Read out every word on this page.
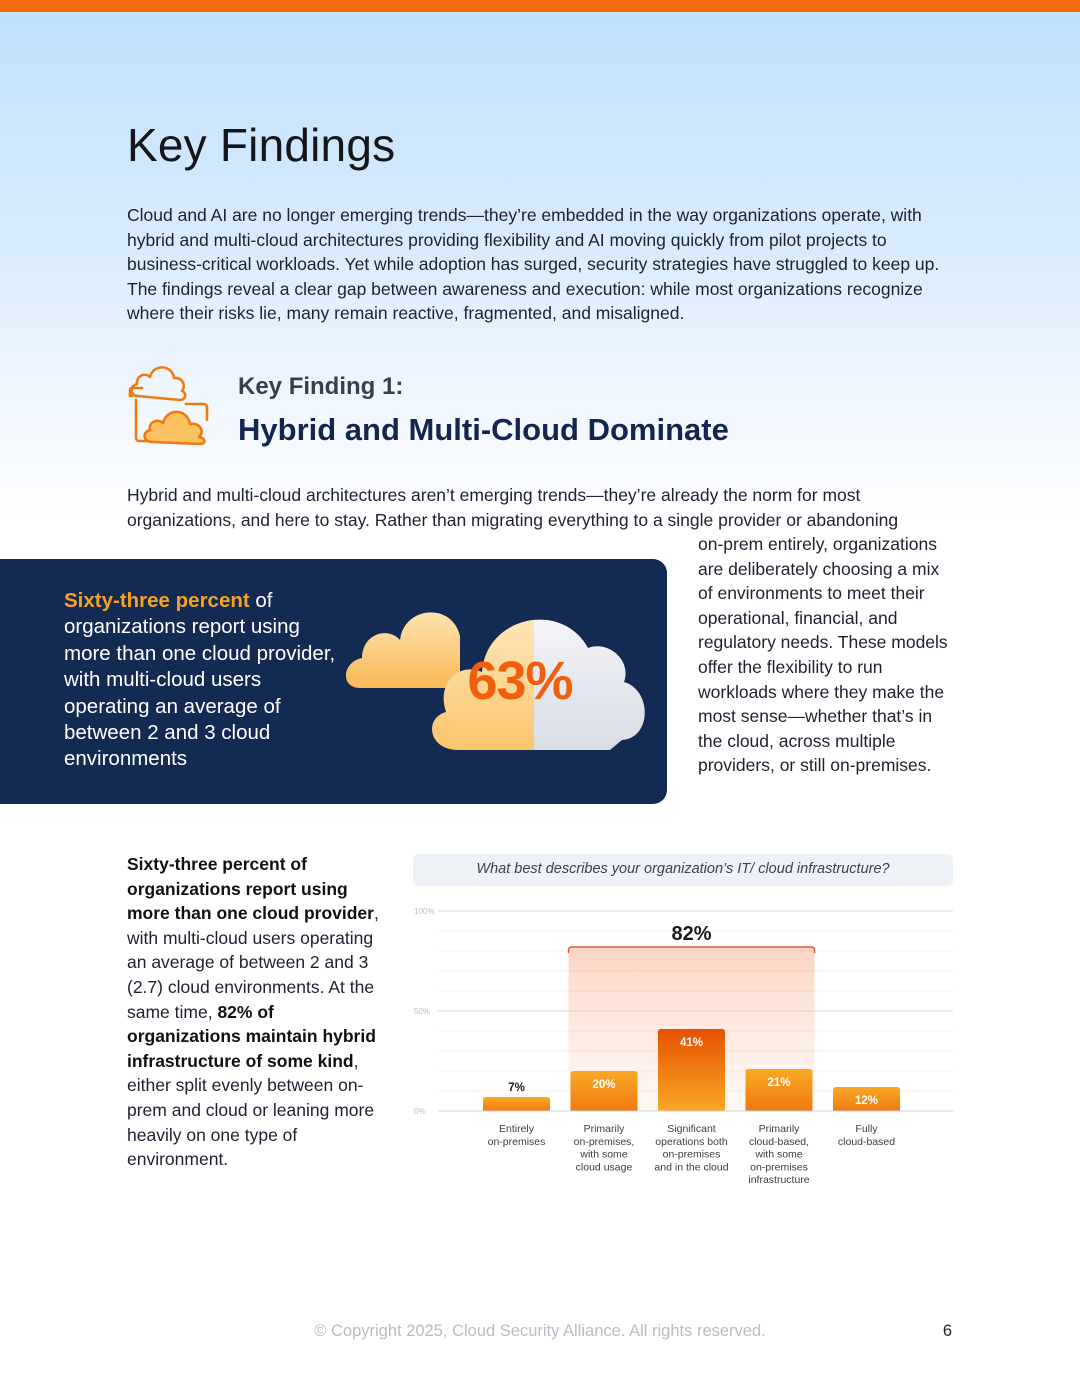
Key Findings

Cloud and AI are no longer emerging trends—they’re embedded in the way organizations operate, with hybrid and multi-cloud architectures providing flexibility and AI moving quickly from pilot projects to business-critical workloads. Yet while adoption has surged, security strategies have struggled to keep up. The findings reveal a clear gap between awareness and execution: while most organizations recognize where their risks lie, many remain reactive, fragmented, and misaligned.

Key Finding 1:
Hybrid and Multi-Cloud Dominate

Hybrid and multi-cloud architectures aren’t emerging trends—they’re already the norm for most organizations, and here to stay. Rather than migrating everything to a single provider or abandoning

on-prem entirely, organizations are deliberately choosing a mix of environments to meet their operational, financial, and regulatory needs. These models offer the flexibility to run workloads where they make the most sense—whether that’s in the cloud, across multiple providers, or still on-premises.

Sixty-three percent of organizations report using more than one cloud provider, with multi-cloud users operating an average of between 2 and 3 cloud environments

63%

Sixty-three percent of organizations report using more than one cloud provider, with multi-cloud users operating an average of between 2 and 3 (2.7) cloud environments. At the same time, 82% of organizations maintain hybrid infrastructure of some kind, either split evenly between on-prem and cloud or leaning more heavily on one type of environment.

What best describes your organization’s IT/ cloud infrastructure?
0%
50%
100%
82%
7%	20%
41%
21%
12%
Entirely
on-premises
Primarily
on-premises,
with some
cloud usage
Significant
operations both
on-premises
and in the cloud
Primarily
cloud-based,
with some
on-premises
infrastructure
Fully
cloud-based
© Copyright 2025, Cloud Security Alliance. All rights reserved.	6
